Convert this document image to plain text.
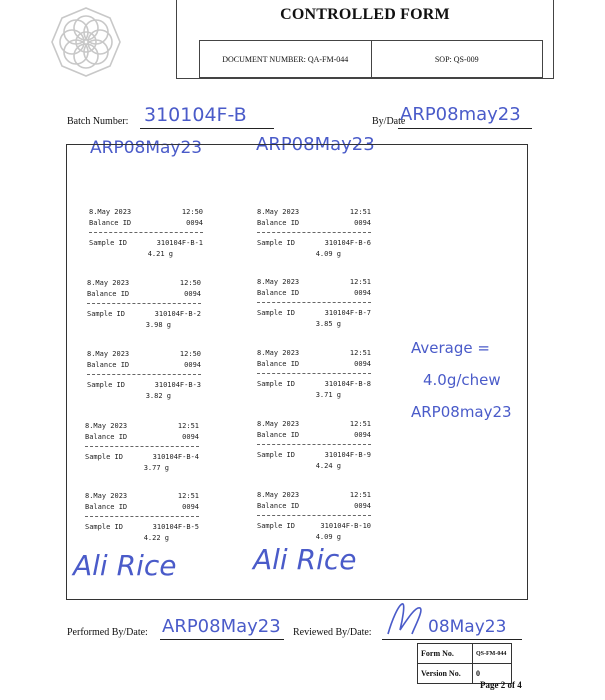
CONTROLLED FORM
DOCUMENT NUMBER: QA-FM-044	SOP: QS-009
Batch Number: 310104F-B	By/Date
ARP08may23
ARP08May23	ARP08May23
8.May 2023	12:50
Balance ID	0094
Sample ID	310104F-B-1
4.21 g
8.May 2023	12:50
Balance ID	0094
Sample ID	310104F-B-2
3.98 g
8.May 2023	12:50
Balance ID	0094
Sample ID	310104F-B-3
3.82 g
8.May 2023	12:51
Balance ID	0094
Sample ID	310104F-B-4
3.77 g
8.May 2023	12:51
Balance ID	0094
Sample ID	310104F-B-5
4.22 g
8.May 2023	12:51
Balance ID	0094
Sample ID	310104F-B-6
4.09 g
8.May 2023	12:51
Balance ID	0094
Sample ID	310104F-B-7
3.85 g
8.May 2023	12:51
Balance ID	0094
Sample ID	310104F-B-8
3.71 g
8.May 2023	12:51
Balance ID	0094
Sample ID	310104F-B-9
4.24 g
8.May 2023	12:51
Balance ID	0094
Sample ID	310104F-B-10
4.09 g
Average =
4.0g/chew
ARP08may23
Ali Rice	Ali Rice
Performed By/Date: ARP08May23 Reviewed By/Date:	08May23
Form No.	QS-FM-044
Version No.	0
Page 2 of 4
